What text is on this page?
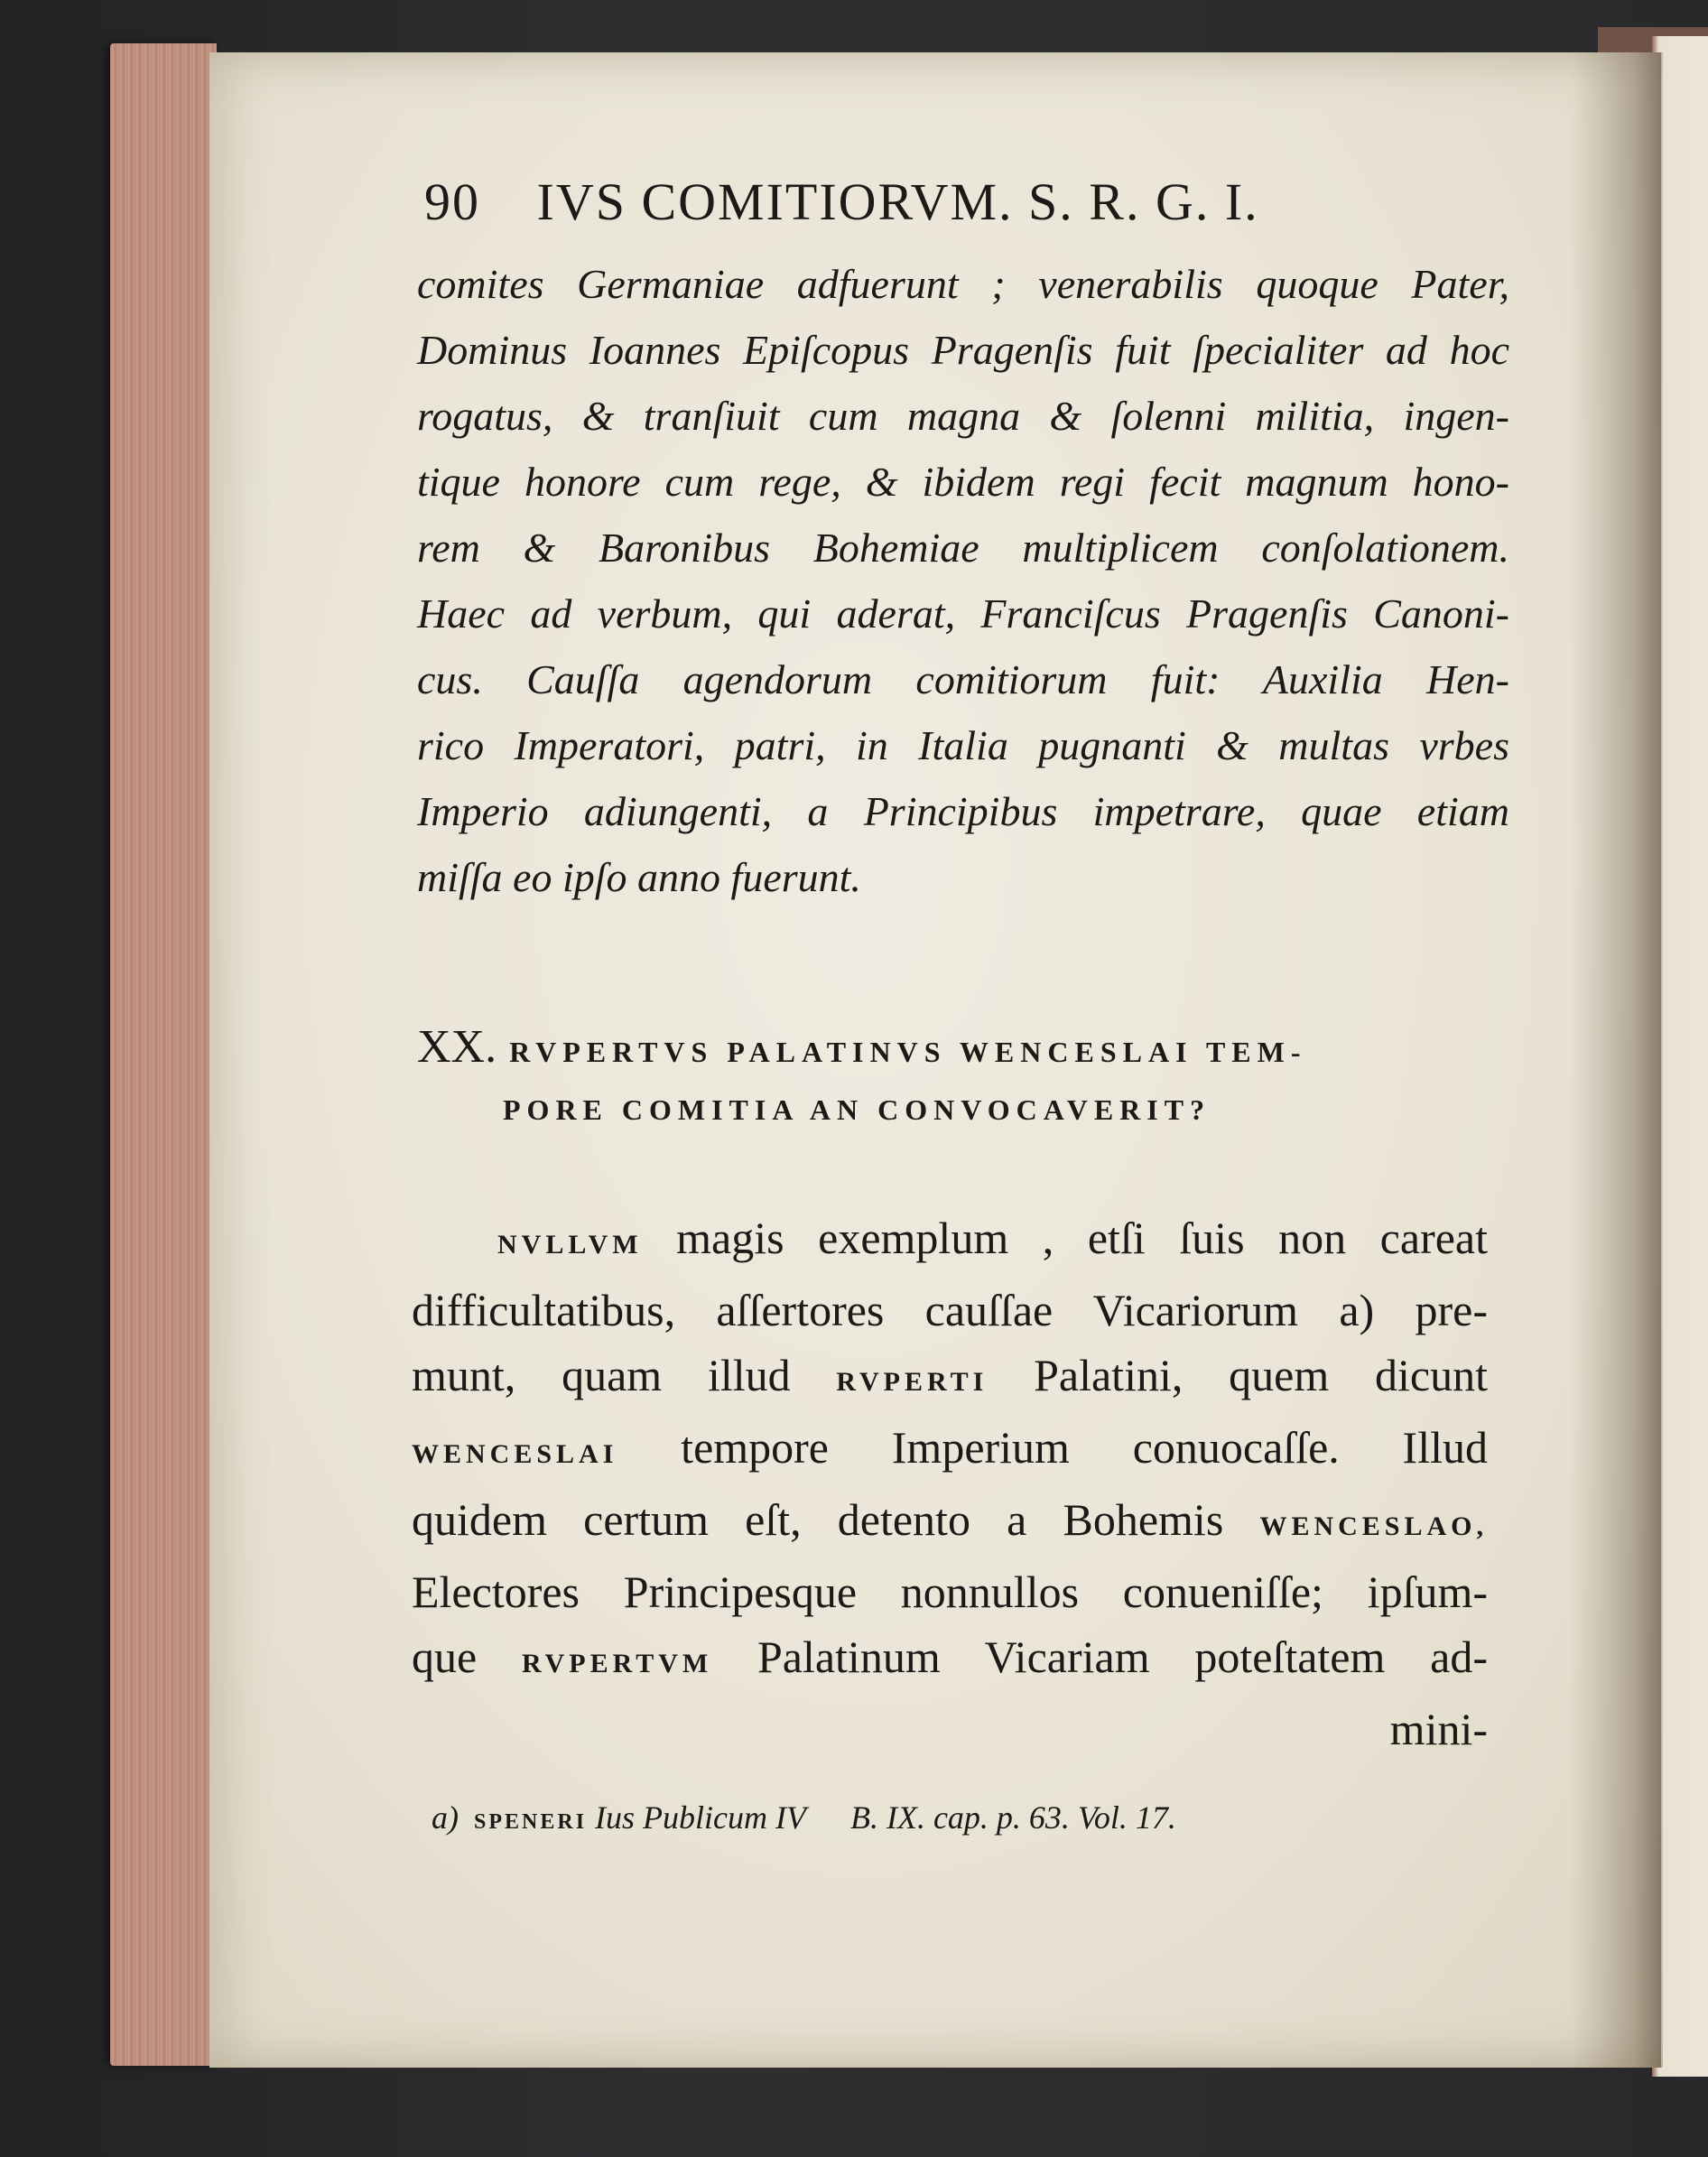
90 IVS COMITIORVM. S. R. G. I.
comites Germaniae adfuerunt ; venerabilis quoque Pater,
Dominus Ioannes Epiſcopus Pragenſis fuit ſpecialiter ad hoc
rogatus, & tranſiuit cum magna & ſolenni militia, ingen-
tique honore cum rege, & ibidem regi fecit magnum hono-
rem & Baronibus Bohemiae multiplicem conſolationem.
Haec ad verbum, qui aderat, Franciſcus Pragenſis Canoni-
cus. Cauſſa agendorum comitiorum fuit: Auxilia Hen-
rico Imperatori, patri, in Italia pugnanti & multas vrbes
Imperio adiungenti, a Principibus impetrare, quae etiam
miſſa eo ipſo anno fuerunt.
XX. RVPERTVS PALATINVS WENCESLAI TEM-
PORE COMITIA AN CONVOCAVERIT?
NVLLVM magis exemplum , etſi ſuis non careat
difficultatibus, aſſertores cauſſae Vicariorum a) pre-
munt, quam illud RVPERTI Palatini, quem dicunt
WENCESLAI tempore Imperium conuocaſſe. Illud
quidem certum eſt, detento a Bohemis WENCESLAO,
Electores Principesque nonnullos conueniſſe; ipſum-
que RVPERTVM Palatinum Vicariam poteſtatem ad-
mini-
a) SPENERI Ius Publicum IV B. IX. cap. p. 63. Vol. 17.
